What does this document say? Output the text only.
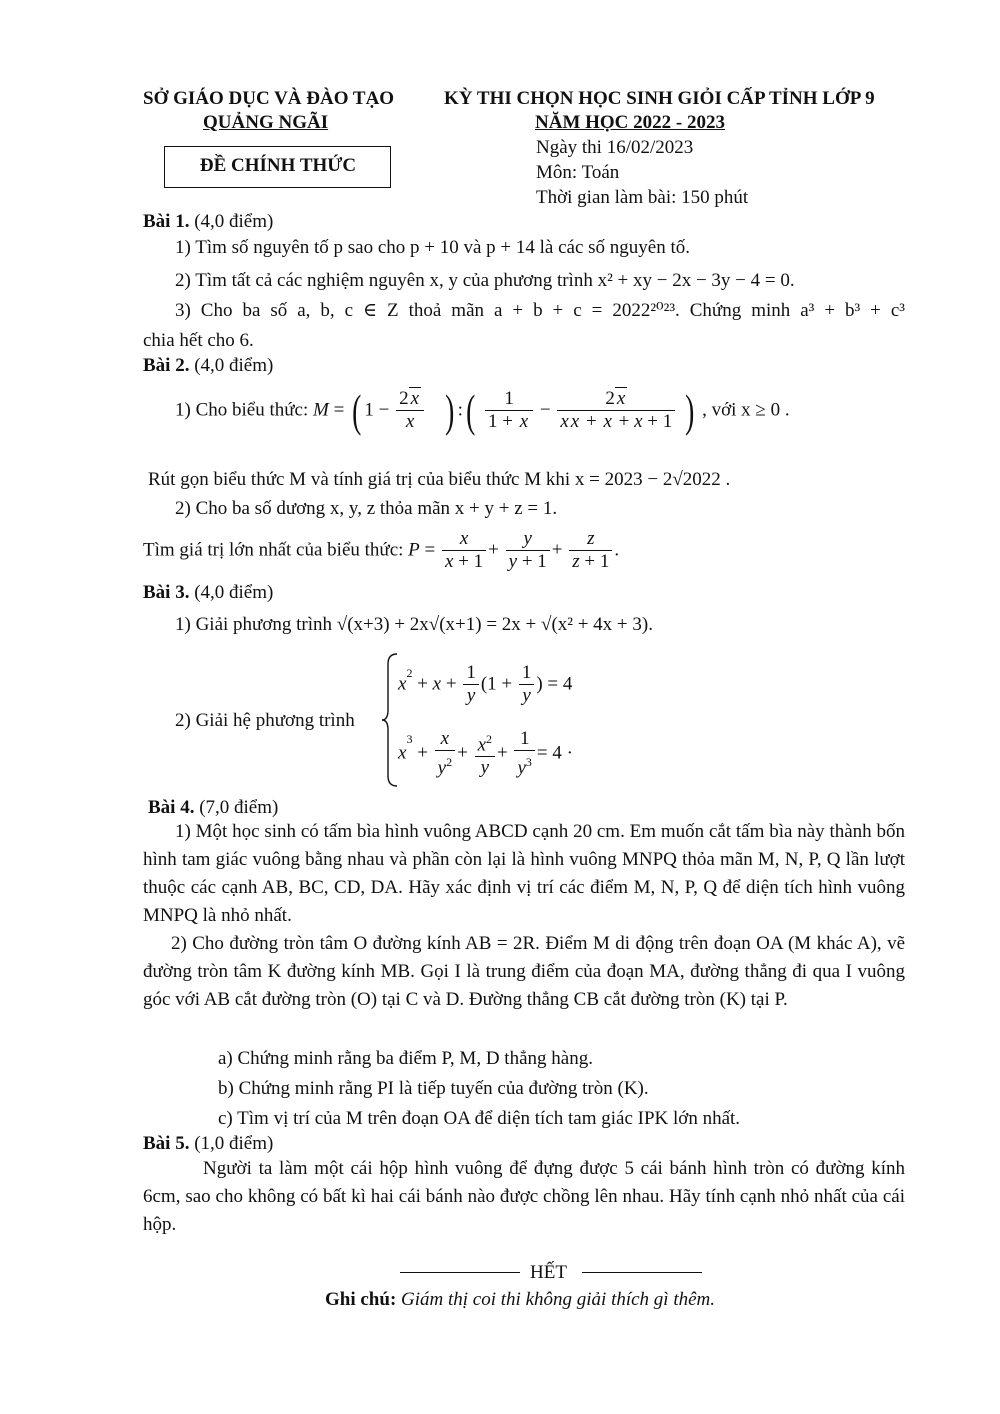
SỞ GIÁO DỤC VÀ ĐÀO TẠO
QUẢNG NGÃI
KỲ THI CHỌN HỌC SINH GIỎI CẤP TỈNH LỚP 9
NĂM HỌC 2022 - 2023
ĐỀ CHÍNH THỨC
Ngày thi 16/02/2023
Môn: Toán
Thời gian làm bài: 150 phút
Bài 1. (4,0 điểm)
1) Tìm số nguyên tố p sao cho p + 10 và p + 14 là các số nguyên tố.
2) Tìm tất cả các nghiệm nguyên x, y của phương trình x² + xy − 2x − 3y − 4 = 0.
3) Cho ba số a, b, c ∈ Z thoả mãn a + b + c = 2022²⁰²³. Chứng minh a³ + b³ + c³
chia hết cho 6.
Bài 2. (4,0 điểm)
1) Cho biểu thức: M = ( $1 - \frac{2 x}{x}$

) :( $\frac{1}{1 + x} - \frac{2 x}{\text{x x + x + x + 1}}$ ) , với x ≥ 0 .
Rút gọn biểu thức M và tính giá trị của biểu thức M khi x = 2023 − 2√2022 .
2) Cho ba số dương x, y, z thỏa mãn x + y + z = 1.
Tìm giá trị lớn nhất của biểu thức: $P = \frac{x}{x + 1} + \frac{y}{y + 1} + \frac{z}{z + 1}$ .
Bài 3. (4,0 điểm)
1) Giải phương trình √(x+3) + 2x√(x+1) = 2x + √(x² + 4x + 3).
2) Giải hệ phương trình
$x^2 + x + \frac{1}{y} (1 + \frac{1}{y}$ ) = 4
$x^3 + \frac{x}{y^2} + \frac{x^2}{y} + \frac{1}{y^3} = 4$ ·
Bài 4. (7,0 điểm)
1) Một học sinh có tấm bìa hình vuông ABCD cạnh 20 cm. Em muốn cắt tấm bìa này thành bốn hình tam giác vuông bằng nhau và phần còn lại là hình vuông MNPQ thỏa mãn M, N, P, Q lần lượt thuộc các cạnh AB, BC, CD, DA. Hãy xác định vị trí các điểm M, N, P, Q để diện tích hình vuông MNPQ là nhỏ nhất.
2) Cho đường tròn tâm O đường kính AB = 2R. Điểm M di động trên đoạn OA (M khác A), vẽ đường tròn tâm K đường kính MB. Gọi I là trung điểm của đoạn MA, đường thẳng đi qua I vuông góc với AB cắt đường tròn (O) tại C và D. Đường thẳng CB cắt đường tròn (K) tại P.
a) Chứng minh rằng ba điểm P, M, D thẳng hàng.
b) Chứng minh rằng PI là tiếp tuyến của đường tròn (K).
c) Tìm vị trí của M trên đoạn OA để diện tích tam giác IPK lớn nhất.
Bài 5. (1,0 điểm)
Người ta làm một cái hộp hình vuông để đựng được 5 cái bánh hình tròn có đường kính 6cm, sao cho không có bất kì hai cái bánh nào được chồng lên nhau. Hãy tính cạnh nhỏ nhất của cái hộp.
HẾT
Ghi chú: Giám thị coi thi không giải thích gì thêm.
